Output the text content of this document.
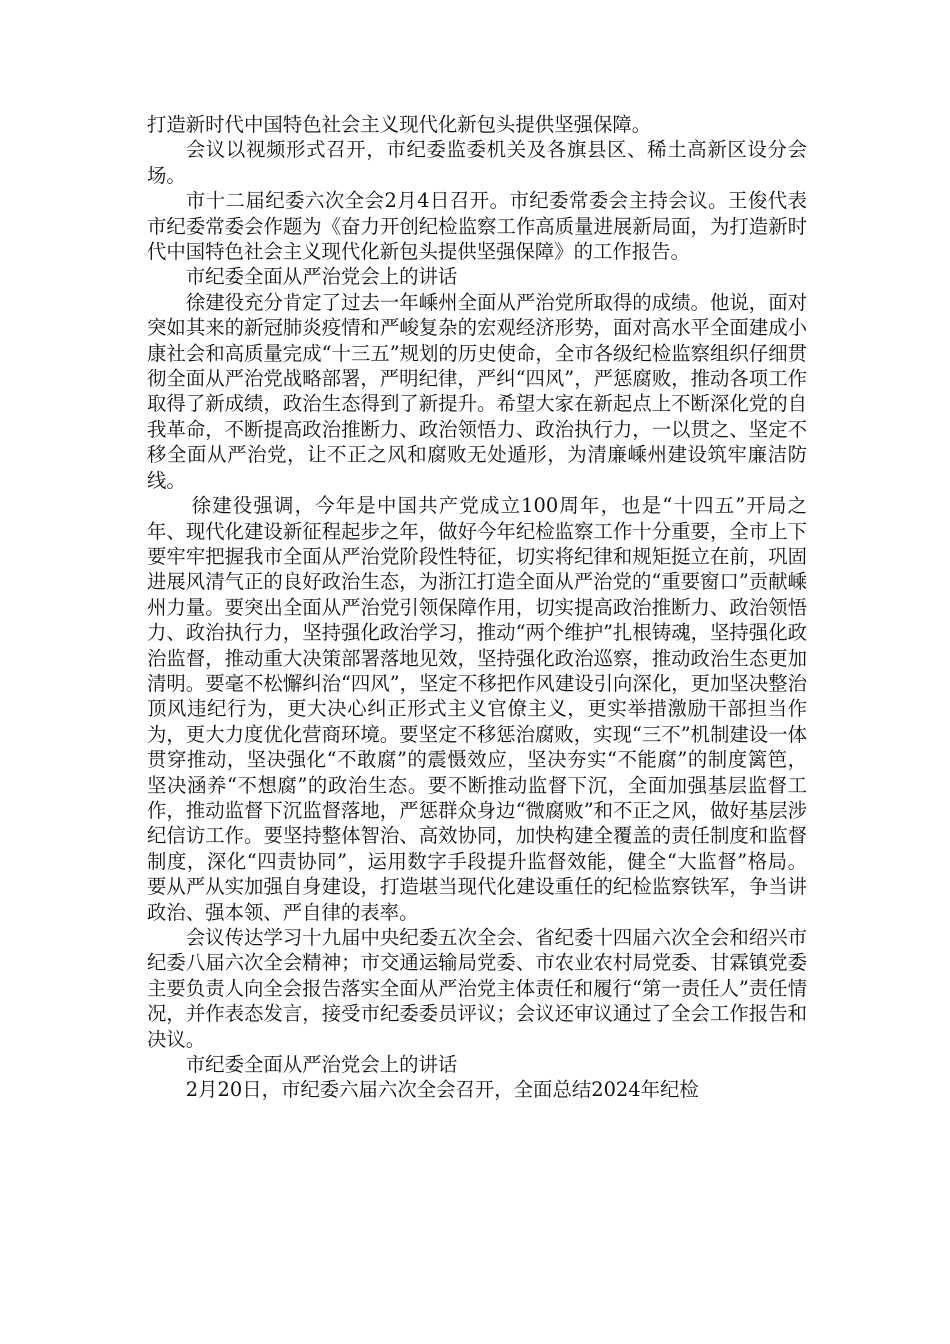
打造新时代中国特色社会主义现代化新包头提供坚强保障。

会议以视频形式召开，市纪委监委机关及各旗县区、稀土高新区设分会场。

市十二届纪委六次全会2月4日召开。市纪委常委会主持会议。王俊代表市纪委常委会作题为《奋力开创纪检监察工作高质量进展新局面，为打造新时代中国特色社会主义现代化新包头提供坚强保障》的工作报告。

市纪委全面从严治党会上的讲话

徐建役充分肯定了过去一年嵊州全面从严治党所取得的成绩。他说，面对突如其来的新冠肺炎疫情和严峻复杂的宏观经济形势，面对高水平全面建成小康社会和高质量完成“十三五”规划的历史使命，全市各级纪检监察组织仔细贯彻全面从严治党战略部署，严明纪律，严纠“四风”，严惩腐败，推动各项工作取得了新成绩，政治生态得到了新提升。希望大家在新起点上不断深化党的自我革命，不断提高政治推断力、政治领悟力、政治执行力，一以贯之、坚定不移全面从严治党，让不正之风和腐败无处遁形，为清廉嵊州建设筑牢廉洁防线。

徐建役强调，今年是中国共产党成立100周年，也是“十四五”开局之年、现代化建设新征程起步之年，做好今年纪检监察工作十分重要，全市上下要牢牢把握我市全面从严治党阶段性特征，切实将纪律和规矩挺立在前，巩固进展风清气正的良好政治生态，为浙江打造全面从严治党的“重要窗口”贡献嵊州力量。要突出全面从严治党引领保障作用，切实提高政治推断力、政治领悟力、政治执行力，坚持强化政治学习，推动“两个维护”扎根铸魂，坚持强化政治监督，推动重大决策部署落地见效，坚持强化政治巡察，推动政治生态更加清明。要毫不松懈纠治“四风”，坚定不移把作风建设引向深化，更加坚决整治顶风违纪行为，更大决心纠正形式主义官僚主义，更实举措激励干部担当作为，更大力度优化营商环境。要坚定不移惩治腐败，实现“三不”机制建设一体贯穿推动，坚决强化“不敢腐”的震慑效应，坚决夯实“不能腐”的制度篱笆，坚决涵养“不想腐”的政治生态。要不断推动监督下沉，全面加强基层监督工作，推动监督下沉监督落地，严惩群众身边“微腐败”和不正之风，做好基层涉纪信访工作。要坚持整体智治、高效协同，加快构建全覆盖的责任制度和监督制度，深化“四责协同”，运用数字手段提升监督效能，健全“大监督”格局。要从严从实加强自身建设，打造堪当现代化建设重任的纪检监察铁军，争当讲政治、强本领、严自律的表率。

会议传达学习十九届中央纪委五次全会、省纪委十四届六次全会和绍兴市纪委八届六次全会精神；市交通运输局党委、市农业农村局党委、甘霖镇党委主要负责人向全会报告落实全面从严治党主体责任和履行“第一责任人”责任情况，并作表态发言，接受市纪委委员评议；会议还审议通过了全会工作报告和决议。

市纪委全面从严治党会上的讲话

2月20日，市纪委六届六次全会召开，全面总结2024年纪检
